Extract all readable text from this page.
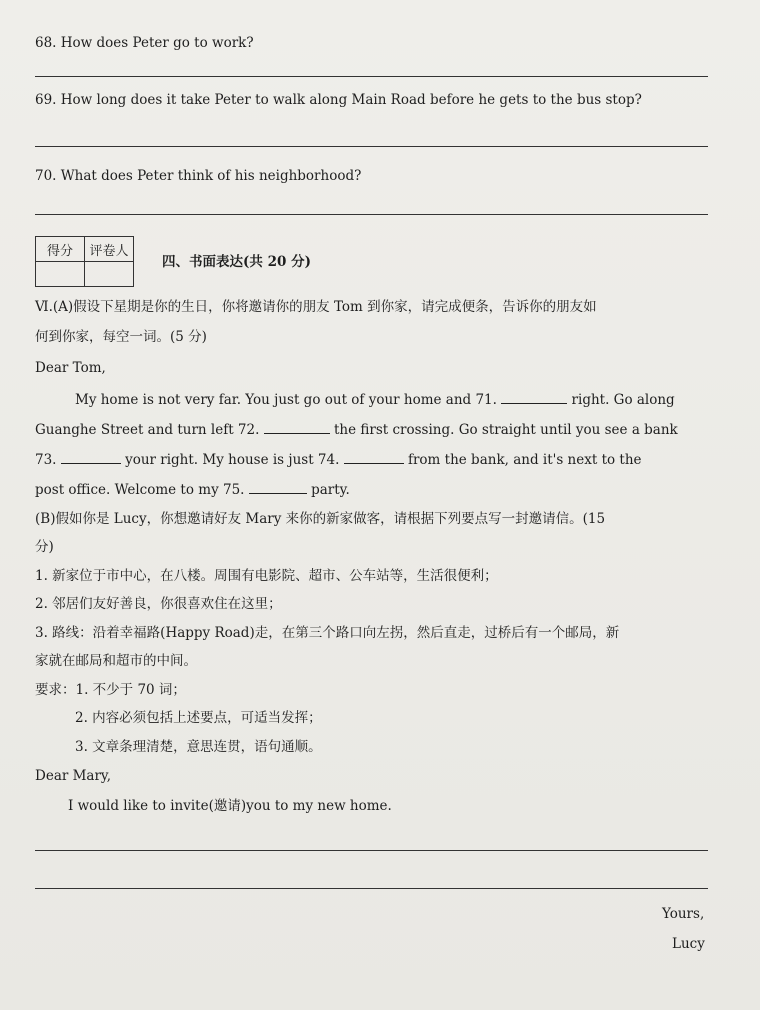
68. How does Peter go to work?
69. How long does it take Peter to walk along Main Road before he gets to the bus stop?
70. What does Peter think of his neighborhood?
得分	评卷人

四、书面表达(共 20 分)
Ⅵ.(A)假设下星期是你的生日，你将邀请你的朋友 Tom 到你家，请完成便条，告诉你的朋友如
何到你家，每空一词。(5 分)
Dear Tom,
My home is not very far. You just go out of your home and 71.	right. Go along
Guanghe Street and turn left 72.	the first crossing. Go straight until you see a bank
73.	your right. My house is just 74.	from the bank, and it's next to the
post office. Welcome to my 75.	party.
(B)假如你是 Lucy，你想邀请好友 Mary 来你的新家做客，请根据下列要点写一封邀请信。(15
分)
1. 新家位于市中心，在八楼。周围有电影院、超市、公车站等，生活很便利；
2. 邻居们友好善良，你很喜欢住在这里；
3. 路线：沿着幸福路(Happy Road)走，在第三个路口向左拐，然后直走，过桥后有一个邮局，新
家就在邮局和超市的中间。
要求：1. 不少于 70 词；
2. 内容必须包括上述要点，可适当发挥；
3. 文章条理清楚，意思连贯，语句通顺。
Dear Mary,
I would like to invite(邀请)you to my new home.
Yours,
Lucy
